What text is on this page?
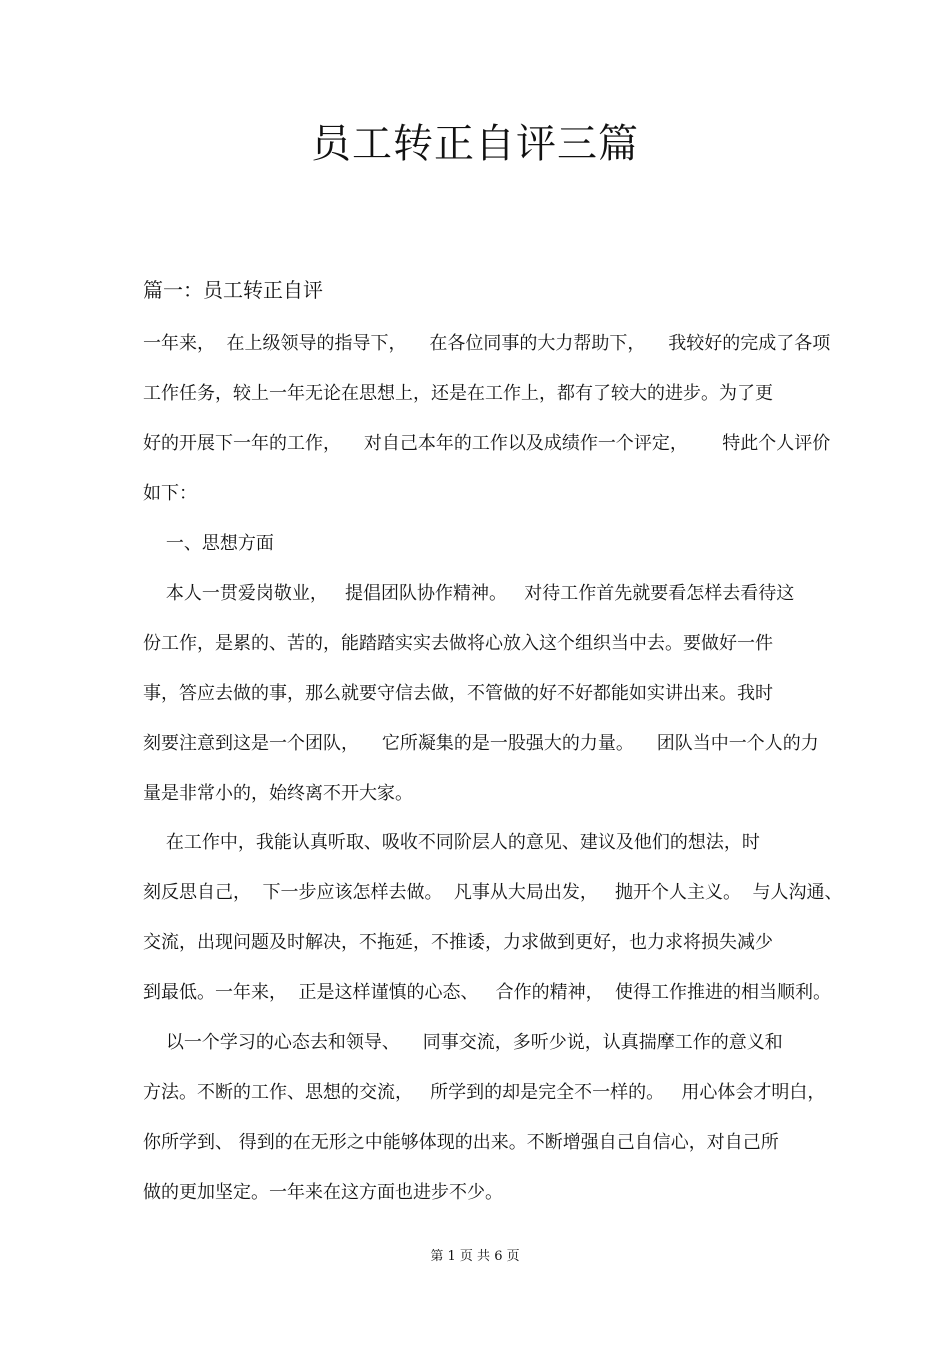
员工转正自评三篇
篇一：员工转正自评
一年来，  在上级领导的指导下，    在各位同事的大力帮助下，    我较好的完成了各项
工作任务，较上一年无论在思想上，还是在工作上，都有了较大的进步。为了更
好的开展下一年的工作，    对自己本年的工作以及成绩作一个评定，      特此个人评价
如下：
一、思想方面
本人一贯爱岗敬业，   提倡团队协作精神。   对待工作首先就要看怎样去看待这
份工作，是累的、苦的，能踏踏实实去做将心放入这个组织当中去。要做好一件
事，答应去做的事，那么就要守信去做，不管做的好不好都能如实讲出来。我时
刻要注意到这是一个团队，    它所凝集的是一股强大的力量。    团队当中一个人的力
量是非常小的，始终离不开大家。
在工作中，我能认真听取、吸收不同阶层人的意见、建议及他们的想法，时
刻反思自己，  下一步应该怎样去做。  凡事从大局出发，   抛开个人主义。  与人沟通、
交流，出现问题及时解决，不拖延，不推诿，力求做到更好，也力求将损失减少
到最低。一年来，  正是这样谨慎的心态、   合作的精神，  使得工作推进的相当顺利。
以一个学习的心态去和领导、    同事交流，多听少说，认真揣摩工作的意义和
方法。不断的工作、思想的交流，   所学到的却是完全不一样的。   用心体会才明白，
你所学到、 得到的在无形之中能够体现的出来。不断增强自己自信心，对自己所
做的更加坚定。一年来在这方面也进步不少。
第 1 页 共 6 页
